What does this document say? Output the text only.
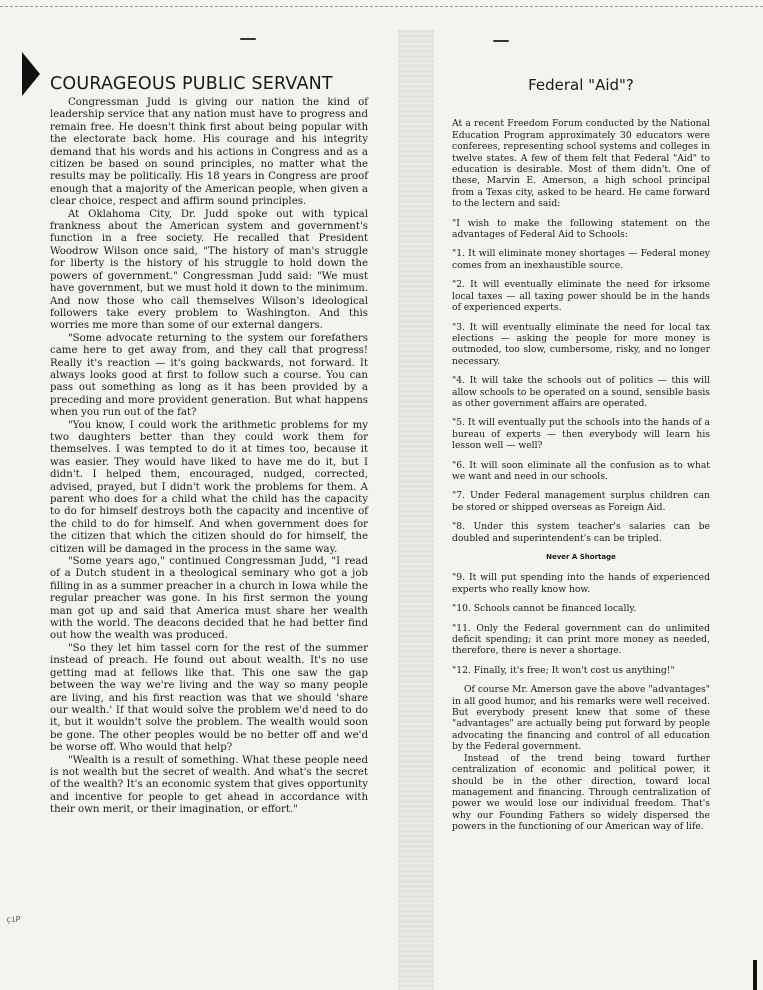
çiP
COURAGEOUS PUBLIC SERVANT

Congressman Judd is giving our nation the kind of leadership service that any nation must have to progress and remain free. He doesn't think first about being popular with the electorate back home. His courage and his integrity demand that his words and his actions in Congress and as a citizen be based on sound principles, no matter what the results may be politically. His 18 years in Congress are proof enough that a majority of the American people, when given a clear choice, respect and affirm sound principles.

At Oklahoma City, Dr. Judd spoke out with typical frankness about the American system and government's function in a free society. He recalled that President Woodrow Wilson once said, "The history of man's struggle for liberty is the history of his struggle to hold down the powers of government." Congressman Judd said: "We must have government, but we must hold it down to the minimum. And now those who call themselves Wilson's ideological followers take every problem to Washington. And this worries me more than some of our external dangers.

"Some advocate returning to the system our forefathers came here to get away from, and they call that progress! Really it's reaction — it's going backwards, not forward. It always looks good at first to follow such a course. You can pass out something as long as it has been provided by a preceding and more provident generation. But what happens when you run out of the fat?

"You know, I could work the arithmetic problems for my two daughters better than they could work them for themselves. I was tempted to do it at times too, because it was easier. They would have liked to have me do it, but I didn't. I helped them, encouraged, nudged, corrected, advised, prayed, but I didn't work the problems for them. A parent who does for a child what the child has the capacity to do for himself destroys both the capacity and incentive of the child to do for himself. And when government does for the citizen that which the citizen should do for himself, the citizen will be damaged in the process in the same way.

"Some years ago," continued Congressman Judd, "I read of a Dutch student in a theological seminary who got a job filling in as a summer preacher in a church in Iowa while the regular preacher was gone. In his first sermon the young man got up and said that America must share her wealth with the world. The deacons decided that he had better find out how the wealth was produced.

"So they let him tassel corn for the rest of the summer instead of preach. He found out about wealth. It's no use getting mad at fellows like that. This one saw the gap between the way we're living and the way so many people are living, and his first reaction was that we should 'share our wealth.' If that would solve the problem we'd need to do it, but it wouldn't solve the problem. The wealth would soon be gone. The other peoples would be no better off and we'd be worse off. Who would that help?

"Wealth is a result of something. What these people need is not wealth but the secret of wealth. And what's the secret of the wealth? It's an economic system that gives opportunity and incentive for people to get ahead in accordance with their own merit, or their imagination, or effort."

Federal "Aid"?

At a recent Freedom Forum conducted by the National Education Program approximately 30 educators were conferees, representing school systems and colleges in twelve states. A few of them felt that Federal "Aid" to education is desirable. Most of them didn't. One of these, Marvin E. Amerson, a high school principal from a Texas city, asked to be heard. He came forward to the lectern and said:

"I wish to make the following statement on the advantages of Federal Aid to Schools:

"1. It will eliminate money shortages — Federal money comes from an inexhaustible source.

"2. It will eventually eliminate the need for irksome local taxes — all taxing power should be in the hands of experienced experts.

"3. It will eventually eliminate the need for local tax elections — asking the people for more money is outmoded, too slow, cumbersome, risky, and no longer necessary.

"4. It will take the schools out of politics — this will allow schools to be operated on a sound, sensible basis as other government affairs are operated.

"5. It will eventually put the schools into the hands of a bureau of experts — then everybody will learn his lesson well — well?

"6. It will soon eliminate all the confusion as to what we want and need in our schools.

"7. Under Federal management surplus children can be stored or shipped overseas as Foreign Aid.

"8. Under this system teacher's salaries can be doubled and superintendent's can be tripled.

Never A Shortage

"9. It will put spending into the hands of experienced experts who really know how.

"10. Schools cannot be financed locally.

"11. Only the Federal government can do unlimited deficit spending; it can print more money as needed, therefore, there is never a shortage.

"12. Finally, it's free; It won't cost us anything!"

Of course Mr. Amerson gave the above "advantages" in all good humor, and his remarks were well received. But everybody present knew that some of these "advantages" are actually being put forward by people advocating the financing and control of all education by the Federal government.

Instead of the trend being toward further centralization of economic and political power, it should be in the other direction, toward local management and financing. Through centralization of power we would lose our individual freedom. That's why our Founding Fathers so widely dispersed the powers in the functioning of our American way of life.
